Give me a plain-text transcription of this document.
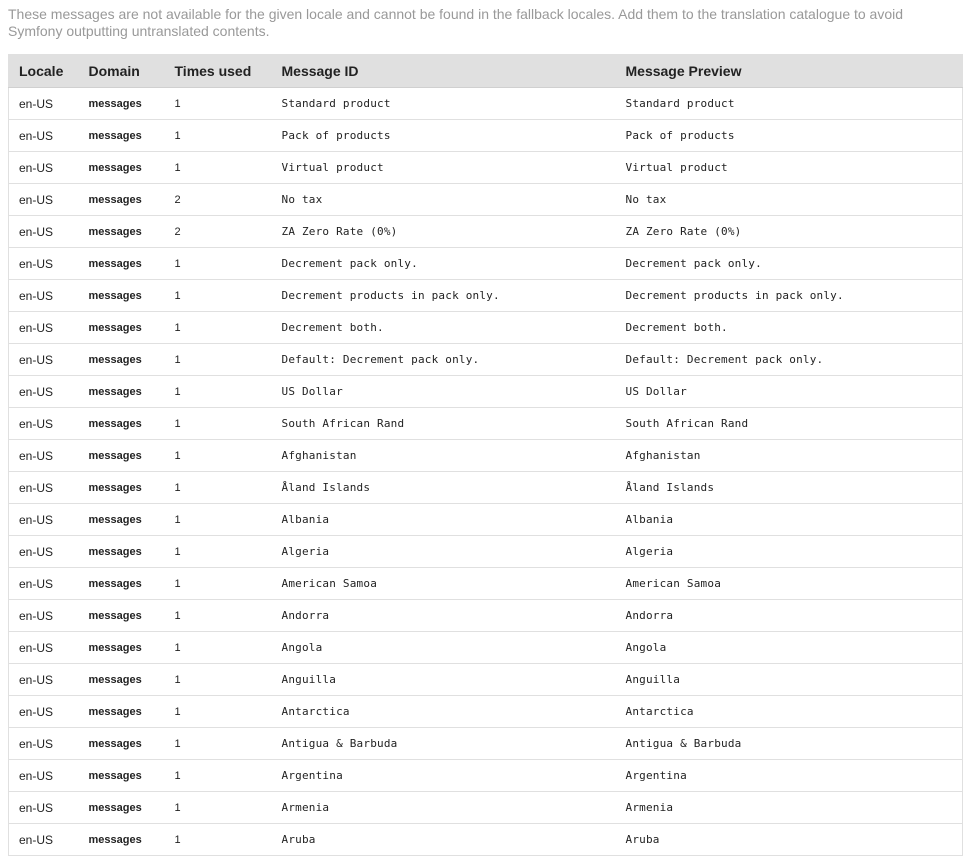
These messages are not available for the given locale and cannot be found in the fallback locales. Add them to the translation catalogue to avoid Symfony outputting untranslated contents.

Locale	Domain	Times used	Message ID	Message Preview
en-US	messages	1	Standard product	Standard product
en-US	messages	1	Pack of products	Pack of products
en-US	messages	1	Virtual product	Virtual product
en-US	messages	2	No tax	No tax
en-US	messages	2	ZA Zero Rate (0%)	ZA Zero Rate (0%)
en-US	messages	1	Decrement pack only.	Decrement pack only.
en-US	messages	1	Decrement products in pack only.	Decrement products in pack only.
en-US	messages	1	Decrement both.	Decrement both.
en-US	messages	1	Default: Decrement pack only.	Default: Decrement pack only.
en-US	messages	1	US Dollar	US Dollar
en-US	messages	1	South African Rand	South African Rand
en-US	messages	1	Afghanistan	Afghanistan
en-US	messages	1	Åland Islands	Åland Islands
en-US	messages	1	Albania	Albania
en-US	messages	1	Algeria	Algeria
en-US	messages	1	American Samoa	American Samoa
en-US	messages	1	Andorra	Andorra
en-US	messages	1	Angola	Angola
en-US	messages	1	Anguilla	Anguilla
en-US	messages	1	Antarctica	Antarctica
en-US	messages	1	Antigua & Barbuda	Antigua & Barbuda
en-US	messages	1	Argentina	Argentina
en-US	messages	1	Armenia	Armenia
en-US	messages	1	Aruba	Aruba
